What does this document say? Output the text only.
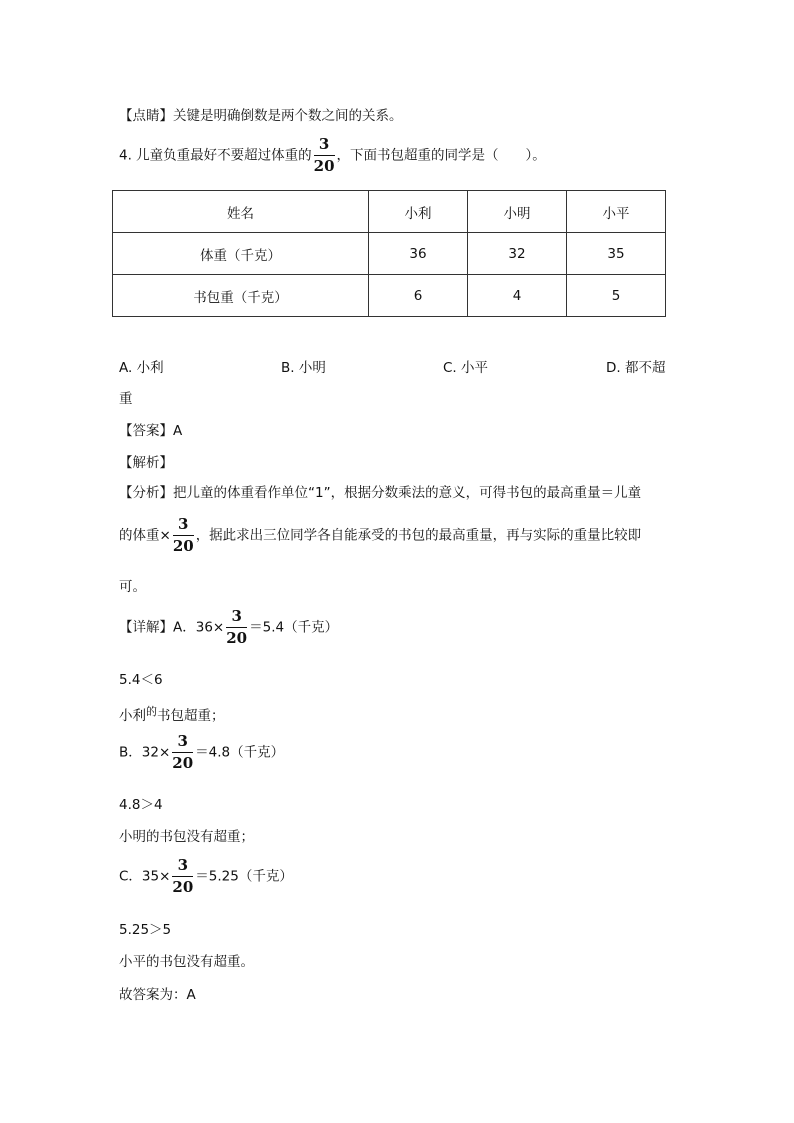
【点睛】关键是明确倒数是两个数之间的关系。
4. 儿童负重最好不要超过体重的 $\frac{3}{20}$ ，下面书包超重的同学是（　　）。
姓名	小利	小明	小平
体重（千克）	36	32	35
书包重（千克）	6	4	5
A. 小利	B. 小明	C. 小平	D. 都不超
重
【答案】A
【解析】
【分析】把儿童的体重看作单位“1”，根据分数乘法的意义，可得书包的最高重量＝儿童
的体重× $\frac{3}{20}$ ，据此求出三位同学各自能承受的书包的最高重量，再与实际的重量比较即
可。
【详解】A．$36\times \frac{3}{20} =5.4$（千克）
5.4＜6
小利$^的$书包超重；
B．$32\times \frac{3}{20} =4.8$（千克）
4.8＞4
小明的书包没有超重；
C．$35\times \frac{3}{20} =5.25$（千克）
5.25＞5
小平的书包没有超重。
故答案为：A
